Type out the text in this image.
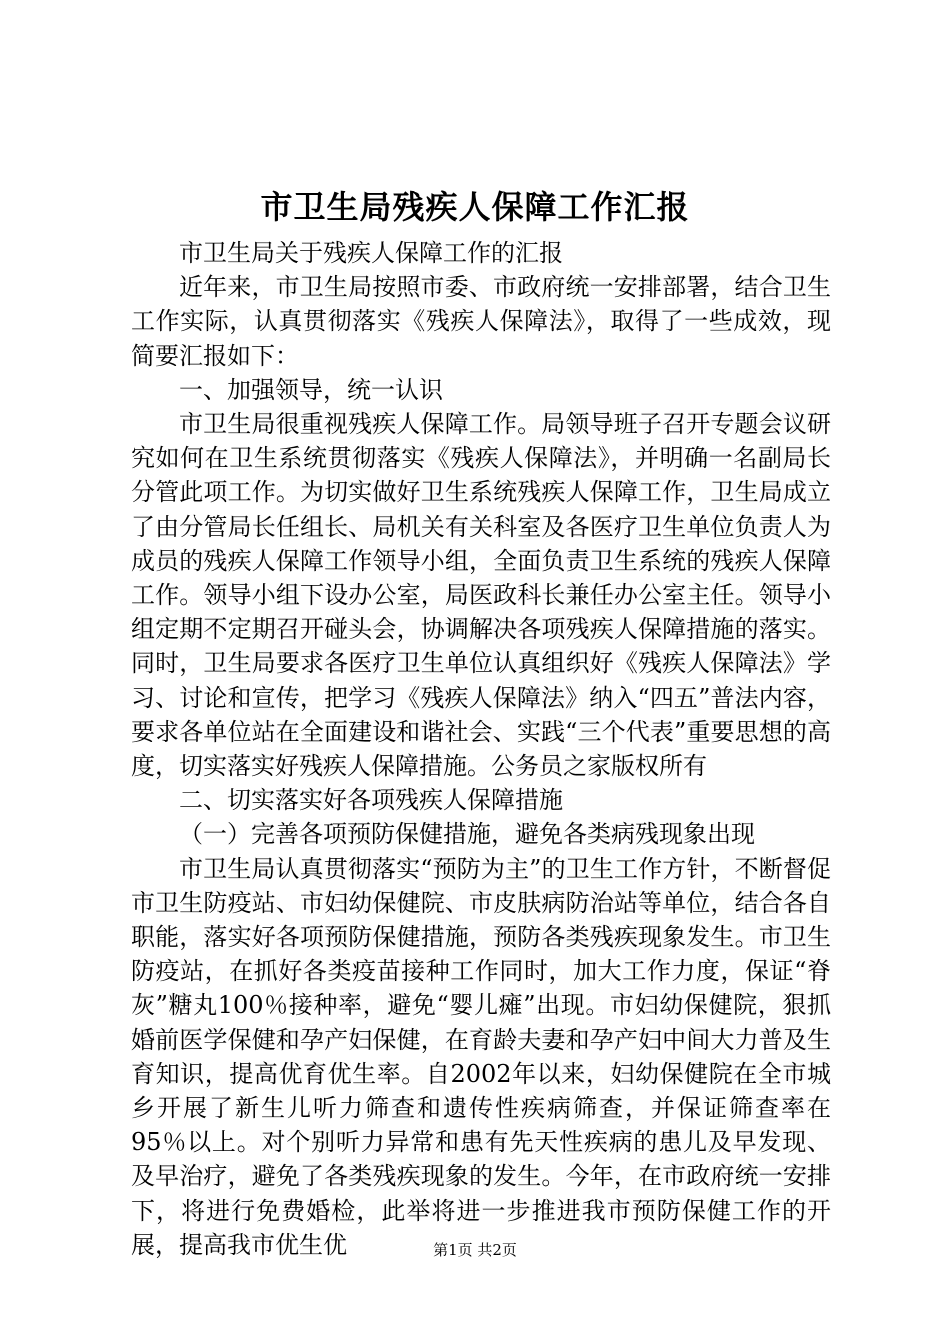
市卫生局残疾人保障工作汇报

市卫生局关于残疾人保障工作的汇报

近年来，市卫生局按照市委、市政府统一安排部署，结合卫生工作实际，认真贯彻落实《残疾人保障法》，取得了一些成效，现简要汇报如下：

一、加强领导，统一认识

市卫生局很重视残疾人保障工作。局领导班子召开专题会议研究如何在卫生系统贯彻落实《残疾人保障法》，并明确一名副局长分管此项工作。为切实做好卫生系统残疾人保障工作，卫生局成立了由分管局长任组长、局机关有关科室及各医疗卫生单位负责人为成员的残疾人保障工作领导小组，全面负责卫生系统的残疾人保障工作。领导小组下设办公室，局医政科长兼任办公室主任。领导小组定期不定期召开碰头会，协调解决各项残疾人保障措施的落实。同时，卫生局要求各医疗卫生单位认真组织好《残疾人保障法》学习、讨论和宣传，把学习《残疾人保障法》纳入“四五”普法内容，要求各单位站在全面建设和谐社会、实践“三个代表”重要思想的高度，切实落实好残疾人保障措施。公务员之家版权所有

二、切实落实好各项残疾人保障措施

（一）完善各项预防保健措施，避免各类病残现象出现

市卫生局认真贯彻落实“预防为主”的卫生工作方针，不断督促市卫生防疫站、市妇幼保健院、市皮肤病防治站等单位，结合各自职能，落实好各项预防保健措施，预防各类残疾现象发生。市卫生防疫站，在抓好各类疫苗接种工作同时，加大工作力度，保证“脊灰”糖丸100％接种率，避免“婴儿瘫”出现。市妇幼保健院，狠抓婚前医学保健和孕产妇保健，在育龄夫妻和孕产妇中间大力普及生育知识，提高优育优生率。自2002年以来，妇幼保健院在全市城乡开展了新生儿听力筛查和遗传性疾病筛查，并保证筛查率在95％以上。对个别听力异常和患有先天性疾病的患儿及早发现、及早治疗，避免了各类残疾现象的发生。今年，在市政府统一安排下，将进行免费婚检，此举将进一步推进我市预防保健工作的开展，提高我市优生优	第1页 共2页
